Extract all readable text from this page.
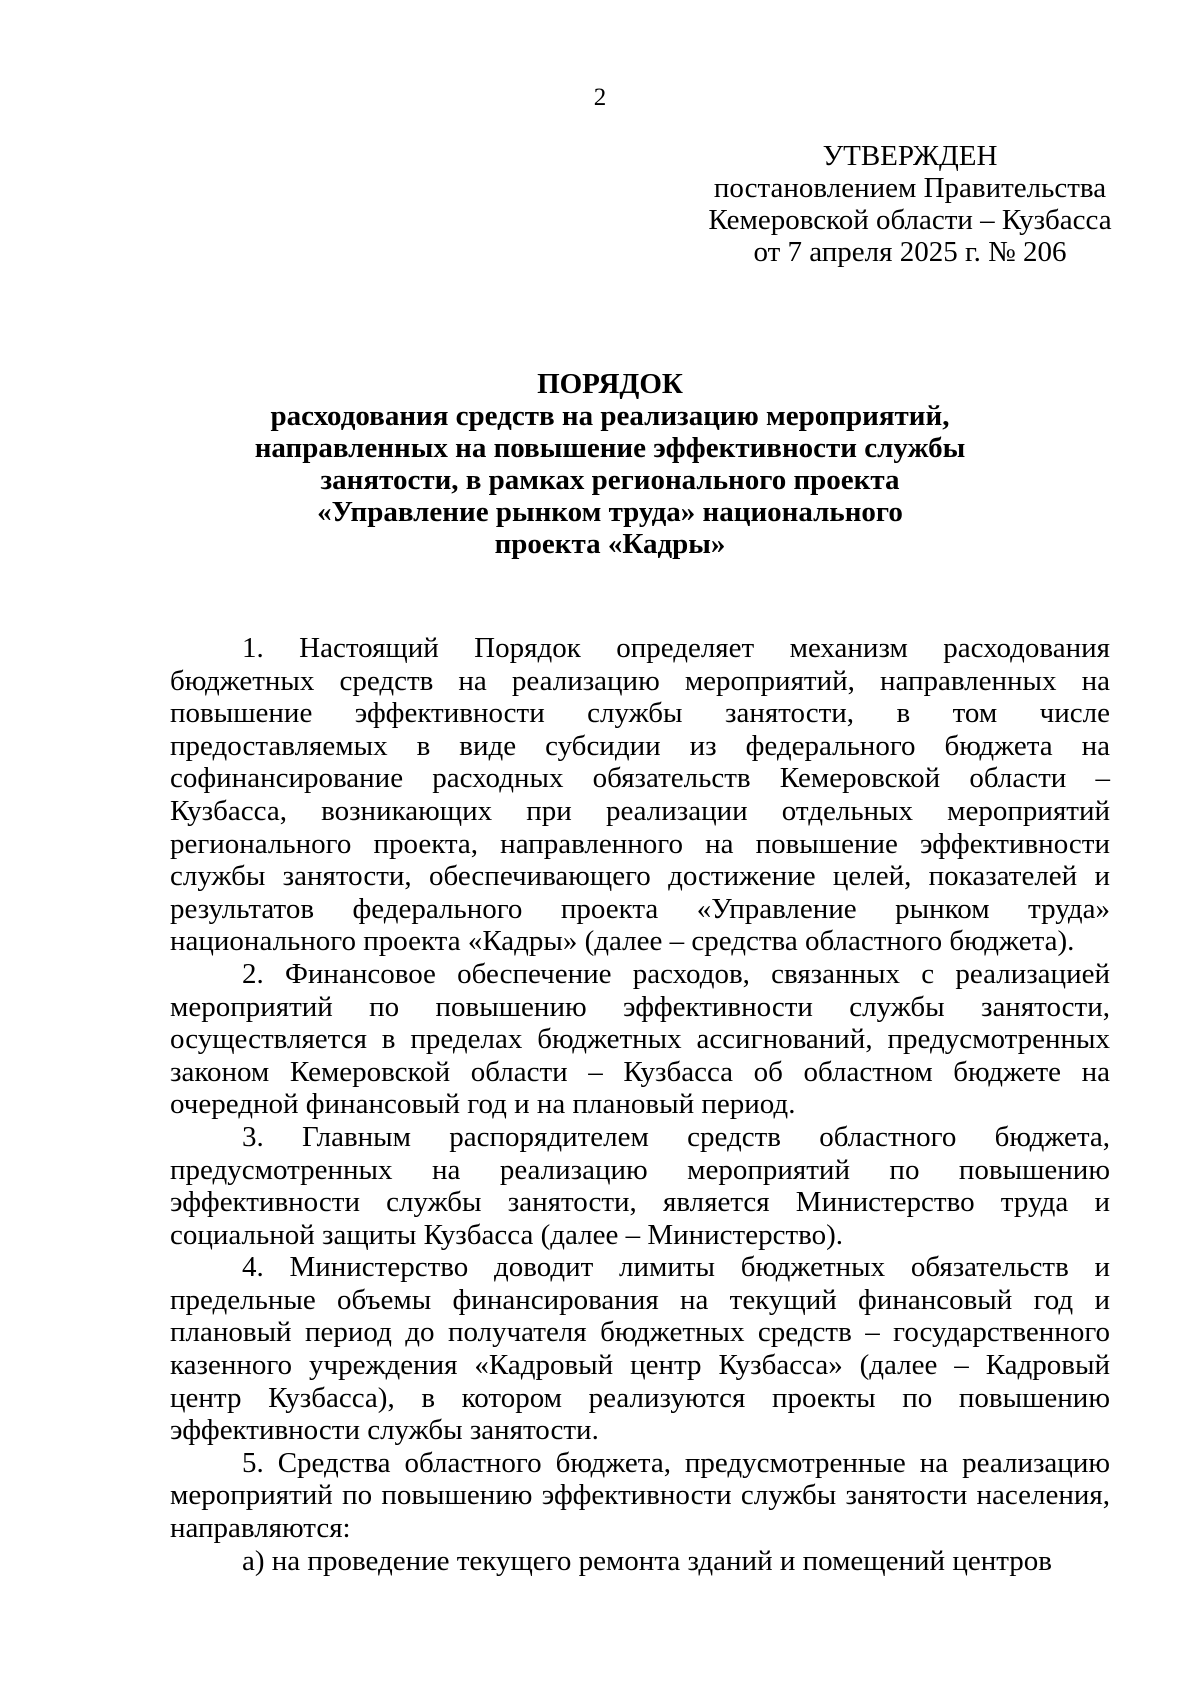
2
УТВЕРЖДЕН
постановлением Правительства
Кемеровской области – Кузбасса
от 7 апреля 2025 г. № 206
ПОРЯДОК
расходования средств на реализацию мероприятий,
направленных на повышение эффективности службы
занятости, в рамках регионального проекта
«Управление рынком труда» национального
проекта «Кадры»

1. Настоящий Порядок определяет механизм расходования бюджетных средств на реализацию мероприятий, направленных на повышение эффективности службы занятости, в том числе предоставляемых в виде субсидии из федерального бюджета на софинансирование расходных обязательств Кемеровской области – Кузбасса, возникающих при реализации отдельных мероприятий регионального проекта, направленного на повышение эффективности службы занятости, обеспечивающего достижение целей, показателей и результатов федерального проекта «Управление рынком труда» национального проекта «Кадры» (далее – средства областного бюджета).

2. Финансовое обеспечение расходов, связанных с реализацией мероприятий по повышению эффективности службы занятости, осуществляется в пределах бюджетных ассигнований, предусмотренных законом Кемеровской области – Кузбасса об областном бюджете на очередной финансовый год и на плановый период.

3. Главным распорядителем средств областного бюджета, предусмотренных на реализацию мероприятий по повышению эффективности службы занятости, является Министерство труда и социальной защиты Кузбасса (далее – Министерство).

4. Министерство доводит лимиты бюджетных обязательств и предельные объемы финансирования на текущий финансовый год и плановый период до получателя бюджетных средств – государственного казенного учреждения «Кадровый центр Кузбасса» (далее – Кадровый центр Кузбасса), в котором реализуются проекты по повышению эффективности службы занятости.

5. Средства областного бюджета, предусмотренные на реализацию мероприятий по повышению эффективности службы занятости населения, направляются:

а) на проведение текущего ремонта зданий и помещений центров
